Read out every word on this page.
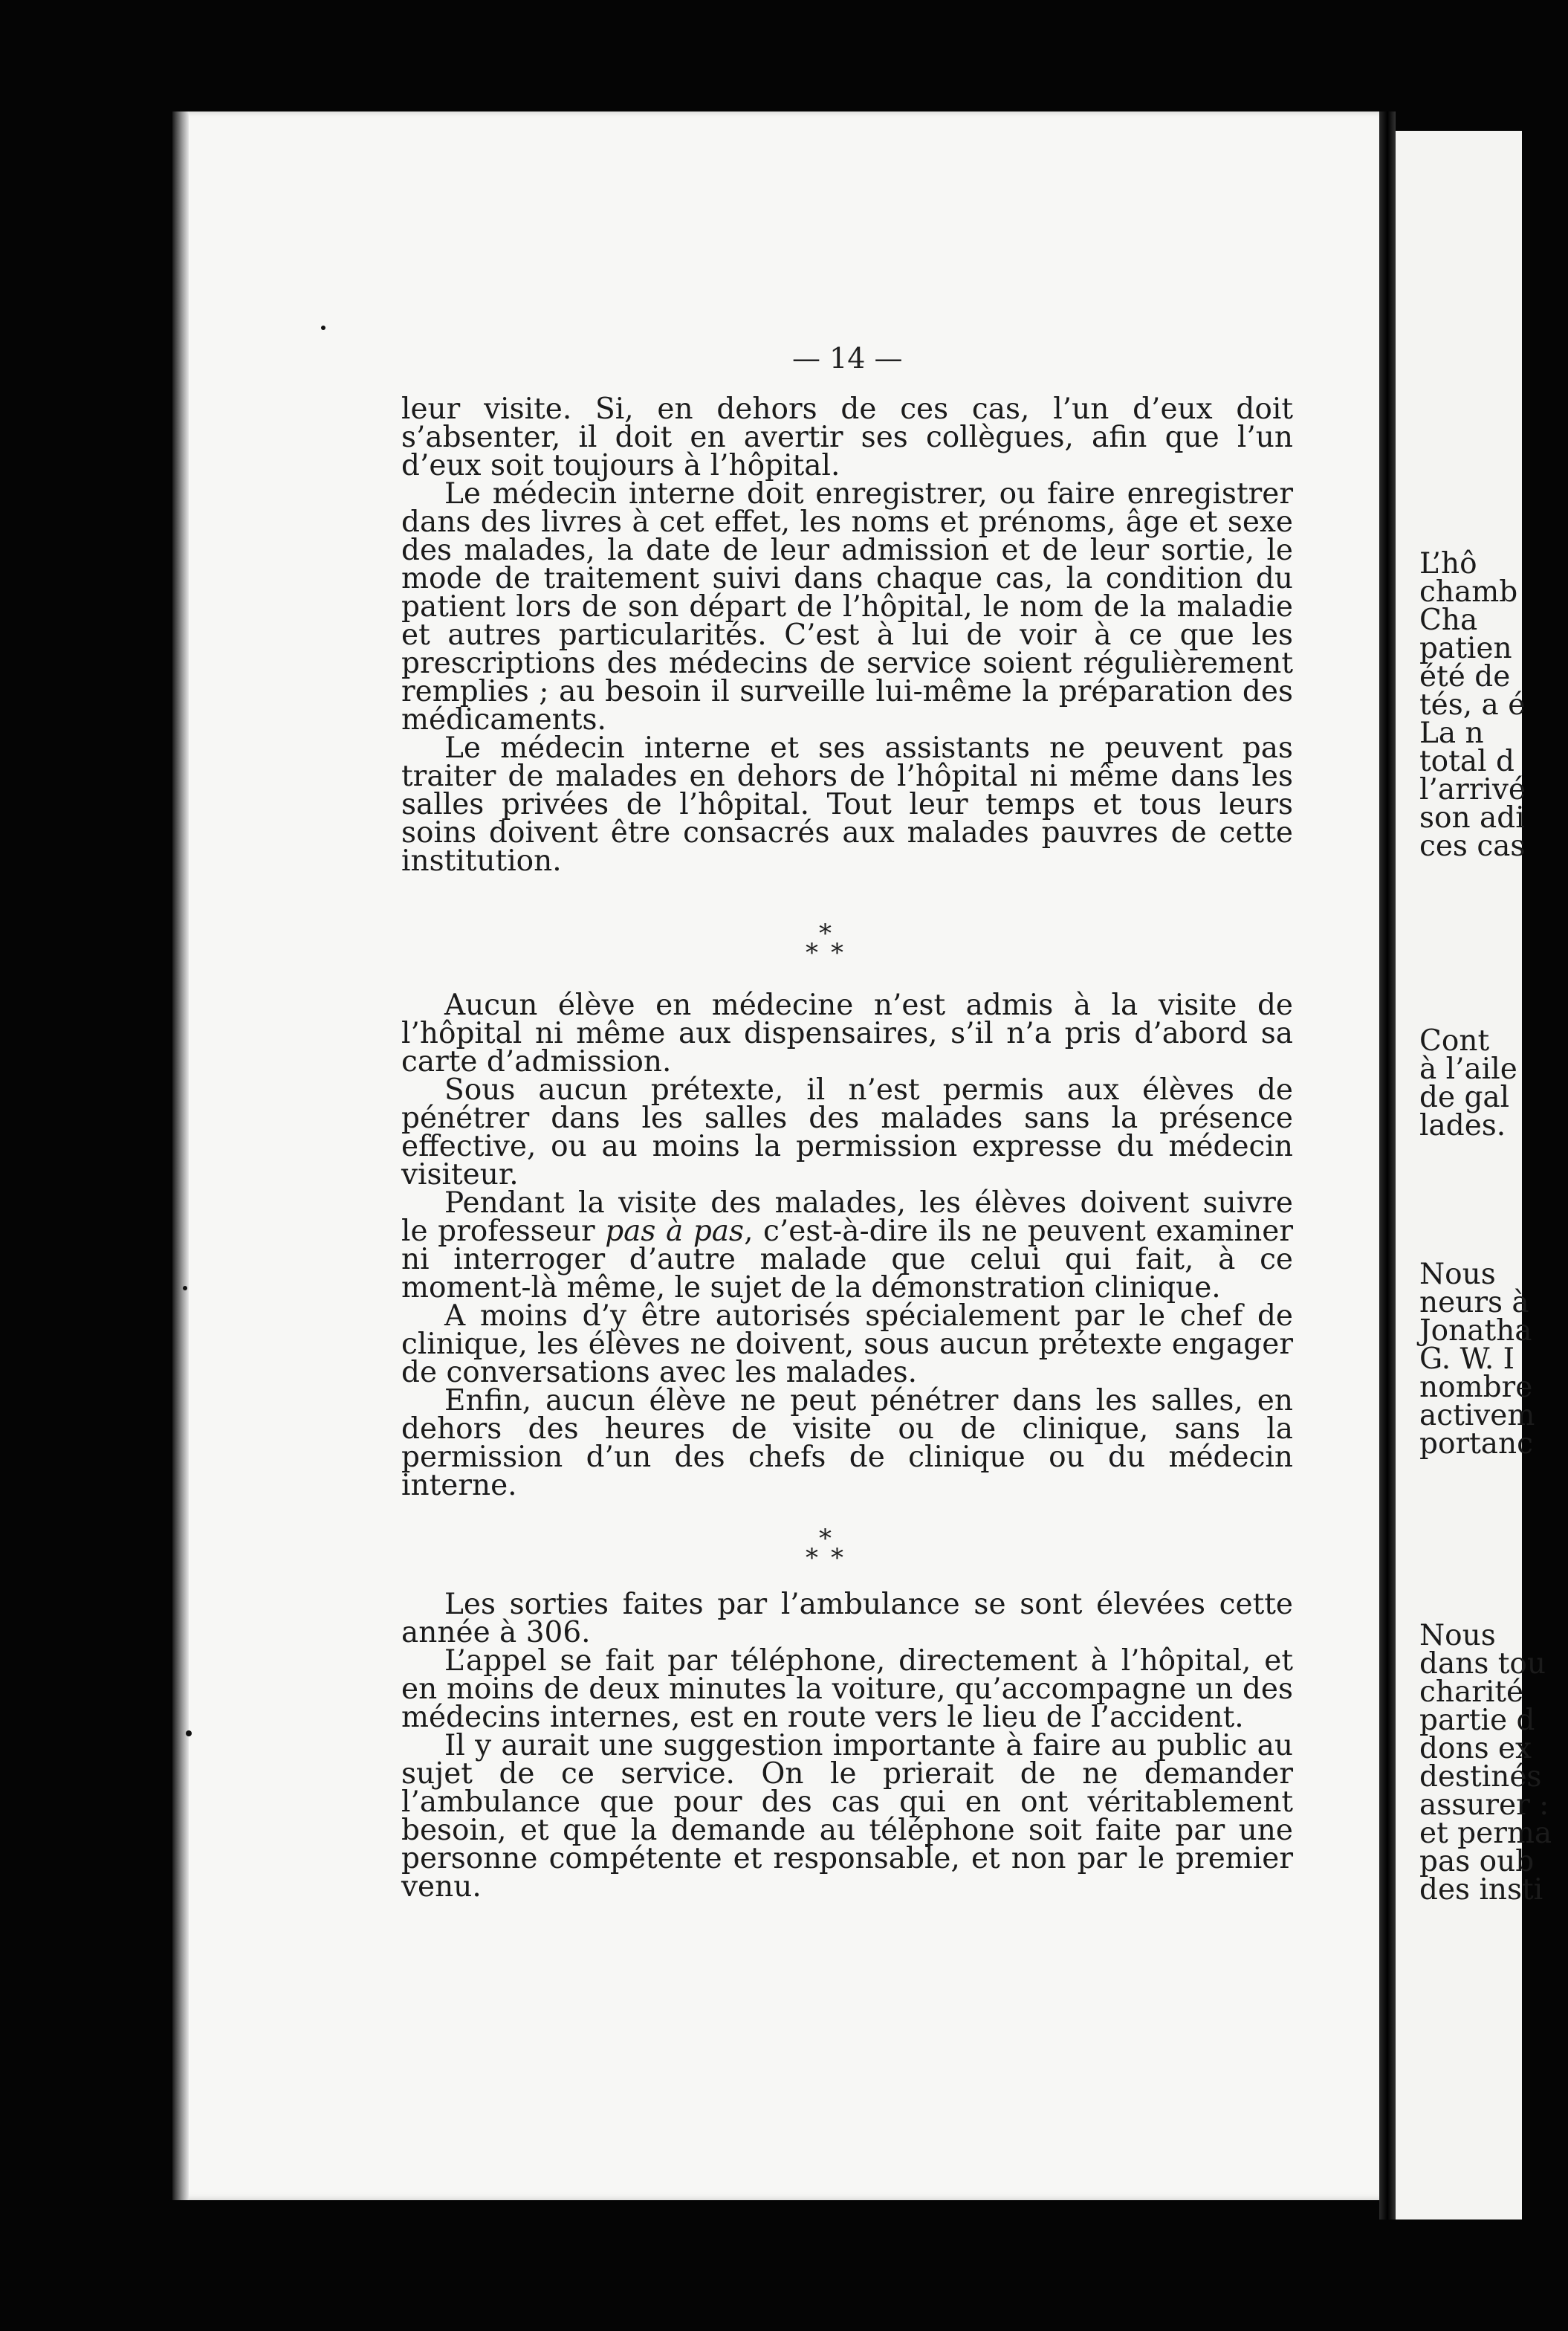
— 14 —

leur visite. Si, en dehors de ces cas, l’un d’eux doit s’absenter, il doit en avertir ses collègues, afin que l’un d’eux soit toujours à l’hôpital.

Le médecin interne doit enregistrer, ou faire enregistrer dans des livres à cet effet, les noms et prénoms, âge et sexe des malades, la date de leur admission et de leur sortie, le mode de traitement suivi dans chaque cas, la condition du patient lors de son départ de l’hôpital, le nom de la maladie et autres particularités. C’est à lui de voir à ce que les prescriptions des médecins de service soient régulièrement remplies ; au besoin il surveille lui-même la préparation des médicaments.

Le médecin interne et ses assistants ne peuvent pas traiter de malades en dehors de l’hôpital ni même dans les salles privées de l’hôpital. Tout leur temps et tous leurs soins doivent être consacrés aux malades pauvres de cette institution.

*
* *

Aucun élève en médecine n’est admis à la visite de l’hôpital ni même aux dispensaires, s’il n’a pris d’abord sa carte d’admission.

Sous aucun prétexte, il n’est permis aux élèves de pénétrer dans les salles des malades sans la présence effective, ou au moins la permission expresse du médecin visiteur.

Pendant la visite des malades, les élèves doivent suivre le professeur pas à pas, c’est-à-dire ils ne peuvent examiner ni interroger d’autre malade que celui qui fait, à ce moment-là même, le sujet de la démonstration clinique.

A moins d’y être autorisés spécialement par le chef de clinique, les élèves ne doivent, sous aucun prétexte engager de conversations avec les malades.

Enfin, aucun élève ne peut pénétrer dans les salles, en dehors des heures de visite ou de clinique, sans la permission d’un des chefs de clinique ou du médecin interne.

*
* *

Les sorties faites par l’ambulance se sont élevées cette année à 306.

L’appel se fait par téléphone, directement à l’hôpital, et en moins de deux minutes la voiture, qu’accompagne un des médecins internes, est en route vers le lieu de l’accident.

Il y aurait une suggestion importante à faire au public au sujet de ce service. On le prierait de ne demander l’ambulance que pour des cas qui en ont véritablement besoin, et que la demande au téléphone soit faite par une personne compétente et responsable, et non par le premier venu.

L’hô
chamb
Cha
patien
été de
tés, a é
La n
total d
l’arrivé
son adi
ces cas
Cont
à l’aile
de gal
lades.
Nous
neurs à
Jonatha
G. W. I
nombre
activem
portanc
Nous
dans tou
charité
partie d
dons ex
destinés
assurer :
et perma
pas oub
des insti
